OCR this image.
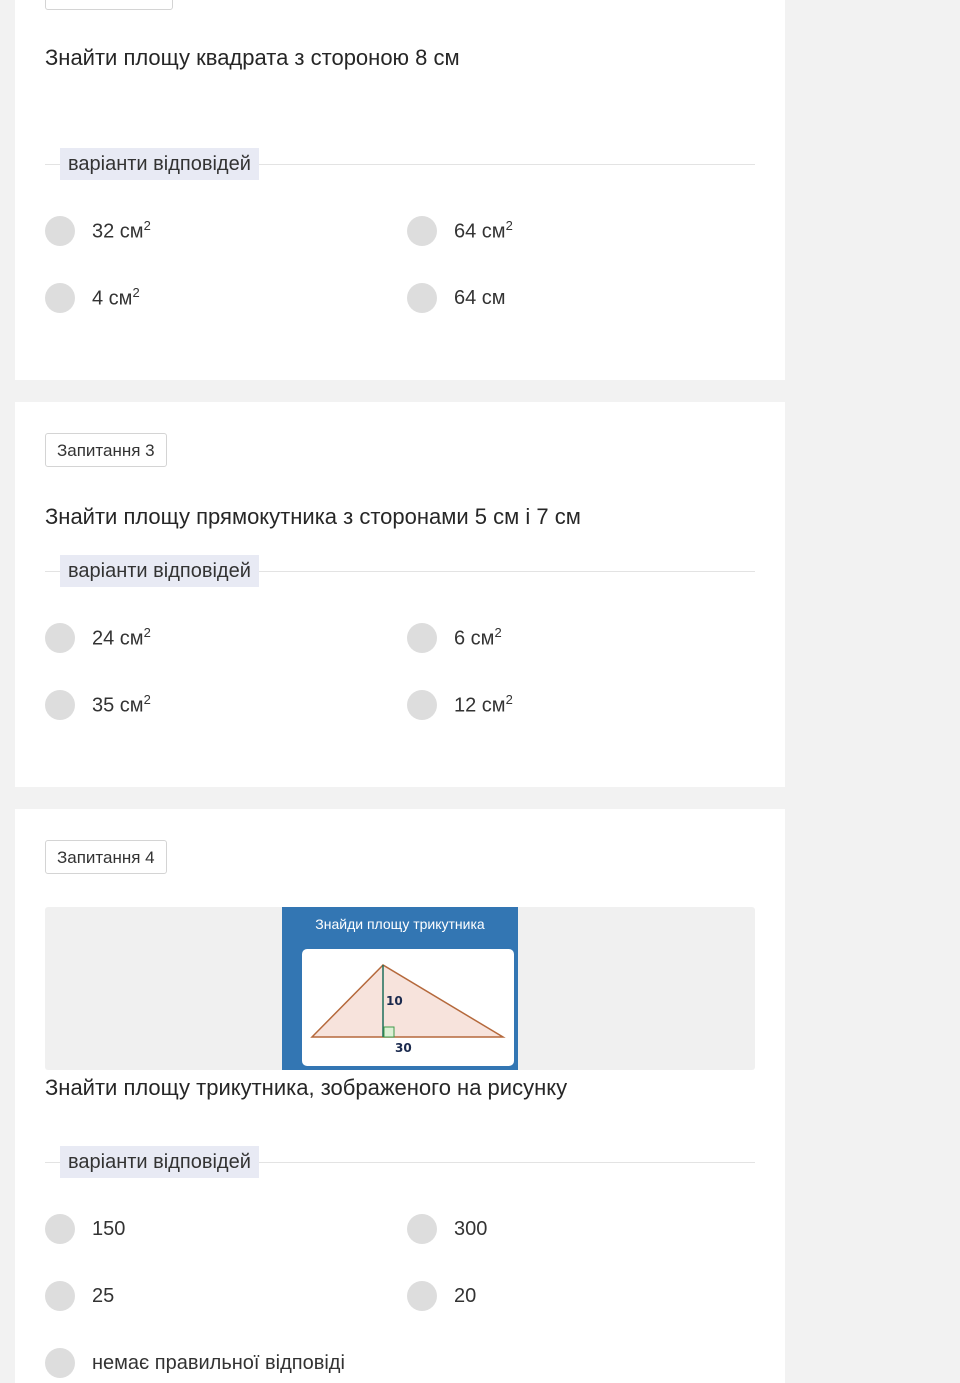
Знайти площу квадрата з стороною 8 см
варіанти відповідей
32 $см^2$	64 $см^2$
4 $см^2$	64 см
Запитання 3
Знайти площу прямокутника з сторонами 5 см і 7 см
варіанти відповідей
24 $см^2$	6 $см^2$
35 $см^2$	12 $см^2$
Запитання 4
Знайди площу трикутника
10
30
Знайти площу трикутника, зображеного на рисунку
варіанти відповідей
150	300
25	20
немає правильної відповіді
